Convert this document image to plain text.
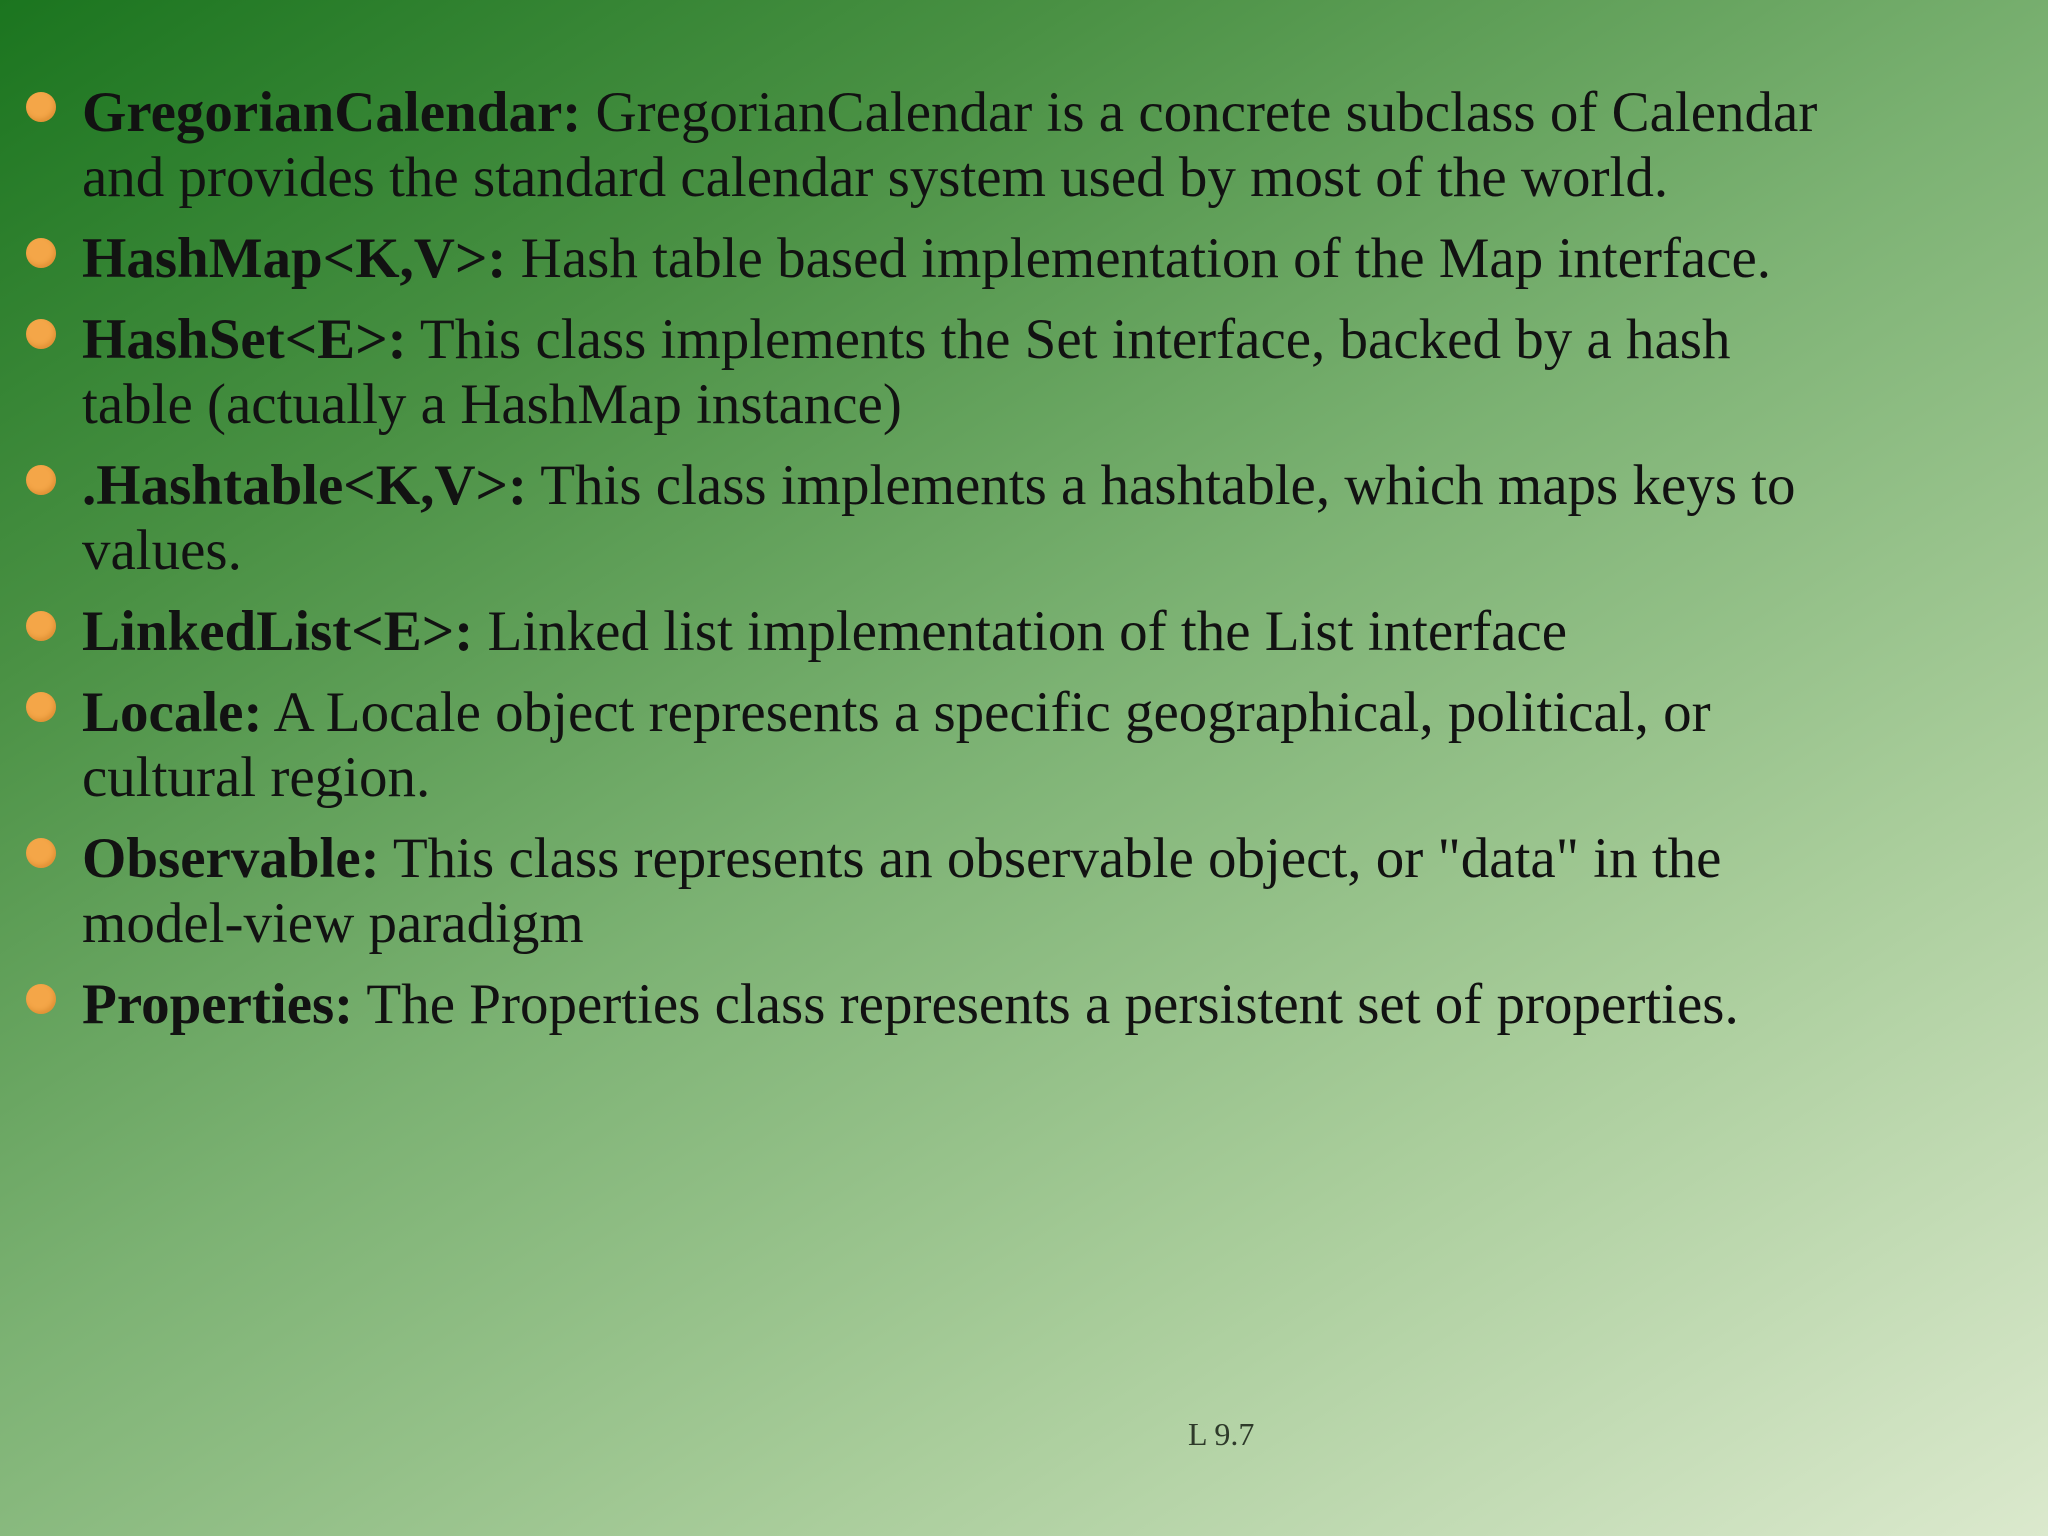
GregorianCalendar: GregorianCalendar is a concrete subclass of Calendar and provides the standard calendar system used by most of the world.
HashMap<K,V>: Hash table based implementation of the Map interface.
HashSet<E>: This class implements the Set interface, backed by a hash table (actually a HashMap instance)
.Hashtable<K,V>: This class implements a hashtable, which maps keys to values.
LinkedList<E>: Linked list implementation of the List interface
Locale: A Locale object represents a specific geographical, political, or cultural region.
Observable: This class represents an observable object, or "data" in the model-view paradigm
Properties: The Properties class represents a persistent set of properties.
L 9.7
